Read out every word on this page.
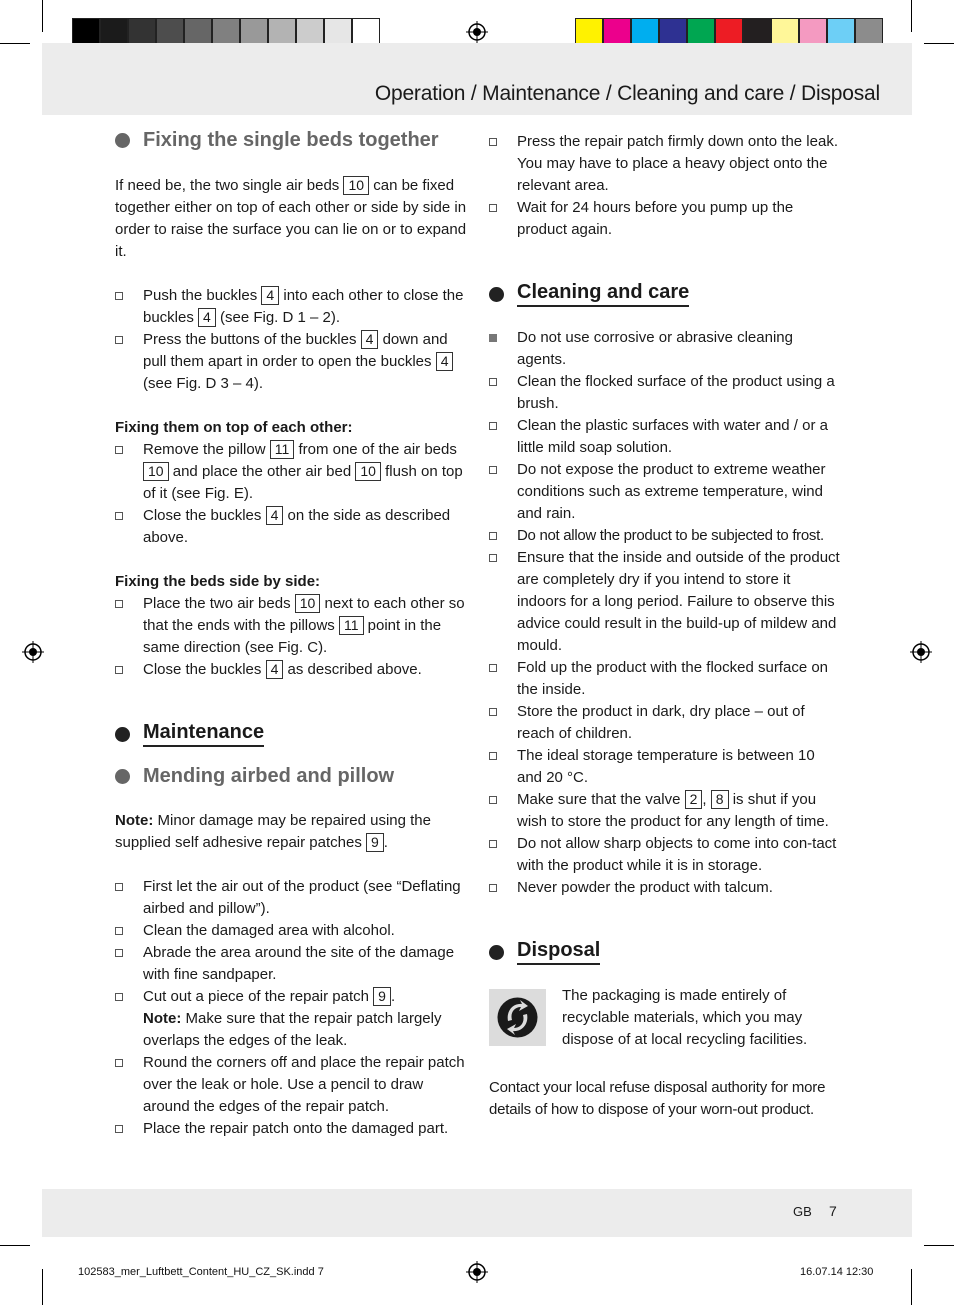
Operation / Maintenance / Cleaning and care / Disposal
Fixing the single beds together

If need be, the two single air beds 10 can be fixed together either on top of each other or side by side in order to raise the surface you can lie on or to expand it.

Push the buckles 4 into each other to close the buckles 4 (see Fig. D 1 – 2).
Press the buttons of the buckles 4 down and pull them apart in order to open the buckles 4 (see Fig. D 3 – 4).
Fixing them on top of each other:
Remove the pillow 11 from one of the air beds 10 and place the other air bed 10 flush on top of it (see Fig. E).
Close the buckles 4 on the side as described above.
Fixing the beds side by side:
Place the two air beds 10 next to each other so that the ends with the pillows 11 point in the same direction (see Fig. C).
Close the buckles 4 as described above.
Maintenance
Mending airbed and pillow

Note: Minor damage may be repaired using the supplied self adhesive repair patches 9 .

First let the air out of the product (see “Deflating airbed and pillow”).
Clean the damaged area with alcohol.
Abrade the area around the site of the damage with fine sandpaper.
Cut out a piece of the repair patch 9 .
Note: Make sure that the repair patch largely overlaps the edges of the leak.
Round the corners off and place the repair patch over the leak or hole. Use a pencil to draw around the edges of the repair patch.
Place the repair patch onto the damaged part.
Press the repair patch firmly down onto the leak. You may have to place a heavy object onto the relevant area.
Wait for 24 hours before you pump up the product again.
Cleaning and care
Do not use corrosive or abrasive cleaning agents.
Clean the flocked surface of the product using a brush.
Clean the plastic surfaces with water and / or a little mild soap solution.
Do not expose the product to extreme weather conditions such as extreme temperature, wind and rain.
Do not allow the product to be subjected to frost.
Ensure that the inside and outside of the product are completely dry if you intend to store it indoors for a long period. Failure to observe this advice could result in the build-up of mildew and mould.
Fold up the product with the flocked surface on the inside.
Store the product in dark, dry place – out of reach of children.
The ideal storage temperature is between 10 and 20 °C.
Make sure that the valve 2 , 8 is shut if you wish to store the product for any length of time.
Do not allow sharp objects to come into con-tact with the product while it is in storage.
Never powder the product with talcum.
Disposal

The packaging is made entirely of recyclable materials, which you may dispose of at local recycling facilities.

Contact your local refuse disposal authority for more details of how to dispose of your worn-out product.

GB 7
102583_mer_Luftbett_Content_HU_CZ_SK.indd 7	16.07.14 12:30
